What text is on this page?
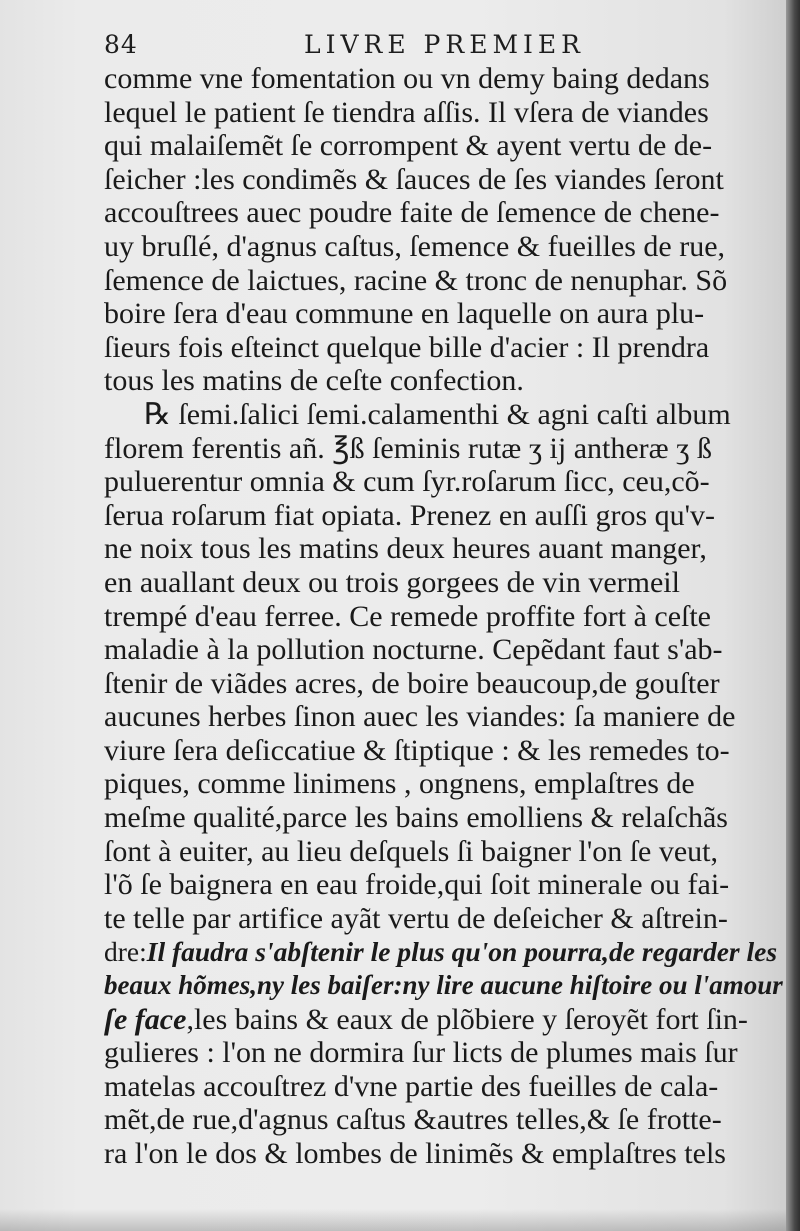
84	LIVRE PREMIER
comme vne fomentation ou vn demy baing dedans
lequel le patient ſe tiendra aſſis. Il vſera de viandes
qui malaiſemẽt ſe corrompent & ayent vertu de de-
ſeicher :les condimẽs & ſauces de ſes viandes ſeront
accouſtrees auec poudre faite de ſemence de chene-
uy bruſlé, d'agnus caſtus, ſemence & fueilles de rue,
ſemence de laictues, racine & tronc de nenuphar. Sõ
boire ſera d'eau commune en laquelle on aura plu-
ſieurs fois eſteinct quelque bille d'acier : Il prendra
tous les matins de ceſte confection.
℞ ſemi.ſalici ſemi.calamenthi & agni caſti album
florem ferentis añ. ℥ß ſeminis rutæ ʒ ij antheræ ʒ ß
puluerentur omnia & cum ſyr.roſarum ſicc, ceu,cõ-
ſerua roſarum fiat opiata. Prenez en auſſi gros qu'v-
ne noix tous les matins deux heures auant manger,
en auallant deux ou trois gorgees de vin vermeil
trempé d'eau ferree. Ce remede proffite fort à ceſte
maladie à la pollution nocturne. Cepẽdant faut s'ab-
ſtenir de viãdes acres, de boire beaucoup,de gouſter
aucunes herbes ſinon auec les viandes: ſa maniere de
viure ſera deſiccatiue & ſtiptique : & les remedes to-
piques, comme linimens , ongnens, emplaſtres de
meſme qualité,parce les bains emolliens & relaſchãs
ſont à euiter, au lieu deſquels ſi baigner l'on ſe veut,
l'õ ſe baignera en eau froide,qui ſoit minerale ou fai-
te telle par artifice ayãt vertu de deſeicher & aſtrein-
dre:Il faudra s'abſtenir le plus qu'on pourra,de regarder les
beaux hõmes,ny les baiſer:ny lire aucune hiſtoire ou l'amour
ſe face,les bains & eaux de plõbiere y ſeroyẽt fort ſin-
gulieres : l'on ne dormira ſur licts de plumes mais ſur
matelas accouſtrez d'vne partie des fueilles de cala-
mẽt,de rue,d'agnus caſtus &autres telles,& ſe frotte-
ra l'on le dos & lombes de linimẽs & emplaſtres tels
